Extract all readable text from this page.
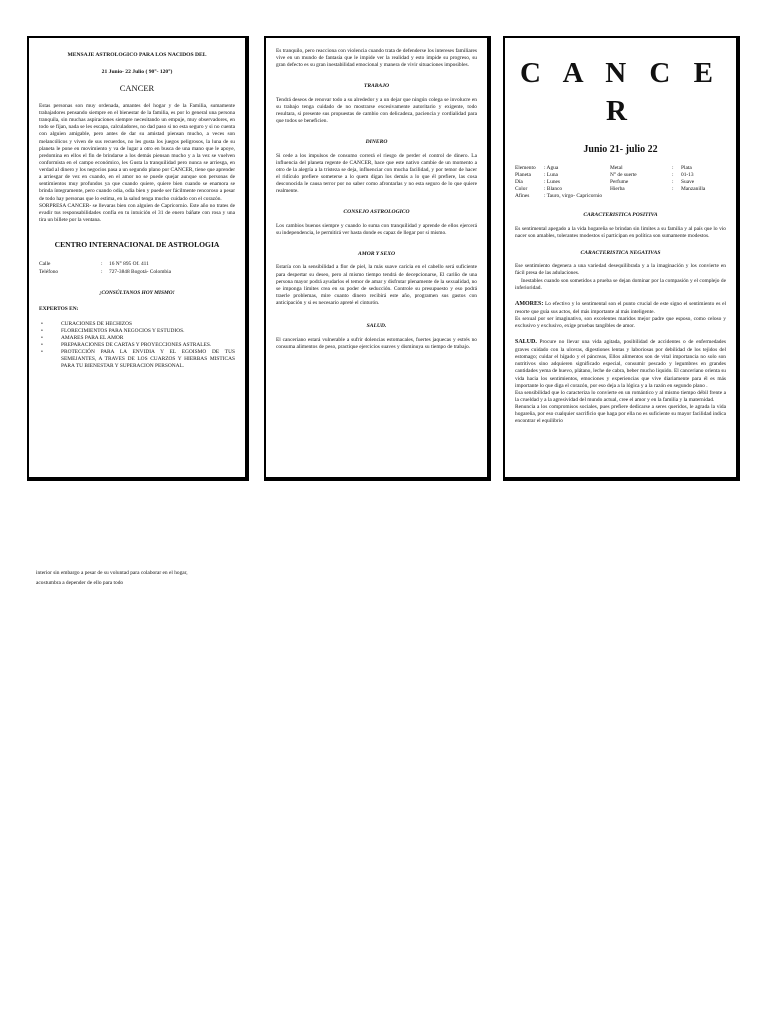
MENSAJE ASTROLOGICO PARA LOS NACIDOS DEL
21 Junio- 22 Julio ( 90°- 120°)
CANCER

Estas personas son muy ordenada, amantes del hogar y de la Familia, sumamente trabajadores pensando siempre en el bienestar de la familia, es por lo general una persona tranquila, sin muchas aspiraciones siempre necesitando un empuje, muy observadores, en todo se fijan, nada se les escapa, calculadores, no dad paso si no esta seguro y si no cuenta con alguien amigable, pero antes de dar su amistad piensan mucho, a veces son melancólicos y viven de sus recuerdos, no les gusta los juegos peligrosos, la luna de su planeta le pone en movimiento y va de lugar a otro en busca de una mano que le apoye, predomina en ellos el fin de brindarse a los demás piensan mucho y a la vez se vuelven conformista en el campo económico, les Gusta la tranquilidad pero nunca se arriesga, en verdad al dinero y los negocios pasa a un segundo plano por CANCER, tiene que aprender a arriesgar de vez en cuando, en el amor no se puede quejar aunque son personas de sentimientos muy profundos ya que cuando quiere, quiere bien cuando se enamora se brinda íntegramente, pero cuando odia, odia bien y puede ser fácilmente rencoroso a pesar de todo hay personas que lo estima, en la salud tenga mucho cuidado con el corazón.

SORPRESA CANCER- se llevaras bien con alguien de Capricornio. Este año no trates de evadir tus responsabilidades confía en tu intuición el 31 de enero báñate con rosa y una tira un billete por la ventana.

CENTRO INTERNACIONAL DE ASTROLOGIA
Calle	:	16 N° 895 Of. 411
Teléfono	:	727-3848 Bogotá- Colombia
¡CONSÚLTANOS HOY MISMO!
EXPERTOS EN:
• CURACIONES DE HECHIZOS
• FLORECIMIENTOS PARA NEGOCIOS Y ESTUDIOS.
• AMARES PARA EL AMOR
• PREPARACIONES DE CARTAS Y PROYECCIONES ASTRALES.
• PROTECCIÓN PARA LA ENVIDIA Y EL EGOISMO DE TUS SEMEJANTES, A TRAVES DE LOS CUARZOS Y HIERBAS MISTICAS PARA TU BIENESTAR Y SUPERACION PERSONAL.

Es tranquilo, pero reacciona con violencia cuando trata de defenderse los intereses familiares vive en un mundo de fantasía que le impide ver la realidad y esto impide su progreso, su gran defecto es su gran inestabilidad emocional y manera de vivir situaciones imposibles.

TRABAJO

Tendrá deseos de renovar todo a su alrededor y a un dejar que ningún colega se involucre en su trabajo tenga cuidado de no mostrarse excesivamente autoritario y exigente, todo resultara, si presente sus propuestas de cambio con delicadeza, paciencia y cordialidad para que todos se beneficien.

DINERO

Si cede a los impulsos de consumo correrá el riesgo de perder el control de dinero. La influencia del planeta regente de CANCER, hace que este nativo cambie de un momento a otro de la alegría a la tristeza se deja, influenciar con mucha facilidad, y por temor de hacer el ridículo prefiere someterse a lo quem digan los demás a lo que él prefiere, las cosa desconocida le causa terror por no saber como afrontarlas y no esta seguro de lo que quiere realmente.

CONSEJO ASTROLOGICO

Los cambios buenos siempre y cuando lo suma con tranquilidad y aprende de ellos ejercerá su independencia, le permitirá ver hasta donde es capaz de llegar por si mismo.

AMOR Y SEXO

Estaría con la sensibilidad a flor de piel, la más suave caricia en el cabello será suficiente para despertar su deseo, pero al mismo tiempo tendrá de decepcionarse, El cariño de una persona mayor podrá ayudarlos el temor de amar y disfrutar plenamente de la sexualidad, no se imponga límites crea en su poder de seducción. Controle su presupuesto y eso podrá traerle problemas, mire cuanto dinero recibirá este año, programen sus gastos con anticipación y si es necesario apreté el cinturón.

SALUD.

El canceriano estará vulnerable a sufrir dolencias estomacales, fuertes jaquecas y estrés no consuma alimentos de peso, practique ejercicios suaves y disminuya su tiempo de trabajo.

C A N C E R
Junio 21- julio 22
Elemento	: Agua	Metal	:	Plata
Planeta	: Luna	N° de suerte	:	01-13
Día	: Lunes	Perfume	:	Suave
Color	: Blanco	Hierba	:	Manzanilla
Afines	: Tauro, virgo- Capricornio
CARACTERISTICA POSITIVA

Es sentimental apegado a la vida hogareña se brindan sin limites a su familia y al país que lo vio nacer son amables, tolerantes modestos sí participan en política son sumamente modestos.

CARACTERISTICA NEGATIVAS

Ese sentimiento degenera a una variedad desequilibrada y a la imaginación y los convierte en fácil presa de las adulaciones.

Inestables cuando son sometidos a prueba se dejan dominar por la compasión y el complejo de inferioridad.

AMORES: Lo efectivo y lo sentimental son el punto crucial de este signo el sentimiento es el resorte que guía sus actos, del más importante al más inteligente.

Es sexual por ser imaginativo, son excelentes maridos mejor padre que esposo, como celoso y exclusivo y exclusivo, exige pruebas tangibles de amor.

SALUD. Procure no llevar una vida agitada, posibilidad de accidentes o de enfermedades graves cuidado con la ulceras, digestiones lentas y laboriosas por debilidad de los tejidos del estomago; cuidar el hígado y el páncreas, Ellos alimentos son de vital importancia no solo son nutritivos sino adquieren significado especial, consumir pescado y legumbres en grandes cantidades yema de huevo, plátano, leche de cabra, beber mucho liquido. El canceriano orienta su vida hacia los sentimientos, emociones y experiencias que vive diariamente para él es más importante lo que diga el corazón, por eso deja a la lógica y a la razón en segundo plano .

Esa sensibilidad que lo caracteriza lo convierte en un romántico y al mismo tiempo débil frente a la crueldad y a la agresividad del mundo actual, cree el amor y en la familia y la maternidad.

Renuncia a los compromisos sociales, pues prefiere dedicarse a seres queridos, le agrada la vida hogareña, por eso cualquier sacrificio que haga por ella no es suficiente su mayor facilidad indica encontrar el equilibrio

interior sin embargo a pesar de su voluntad para colaborar en el hogar,
acostumbra a depender de ello para todo
